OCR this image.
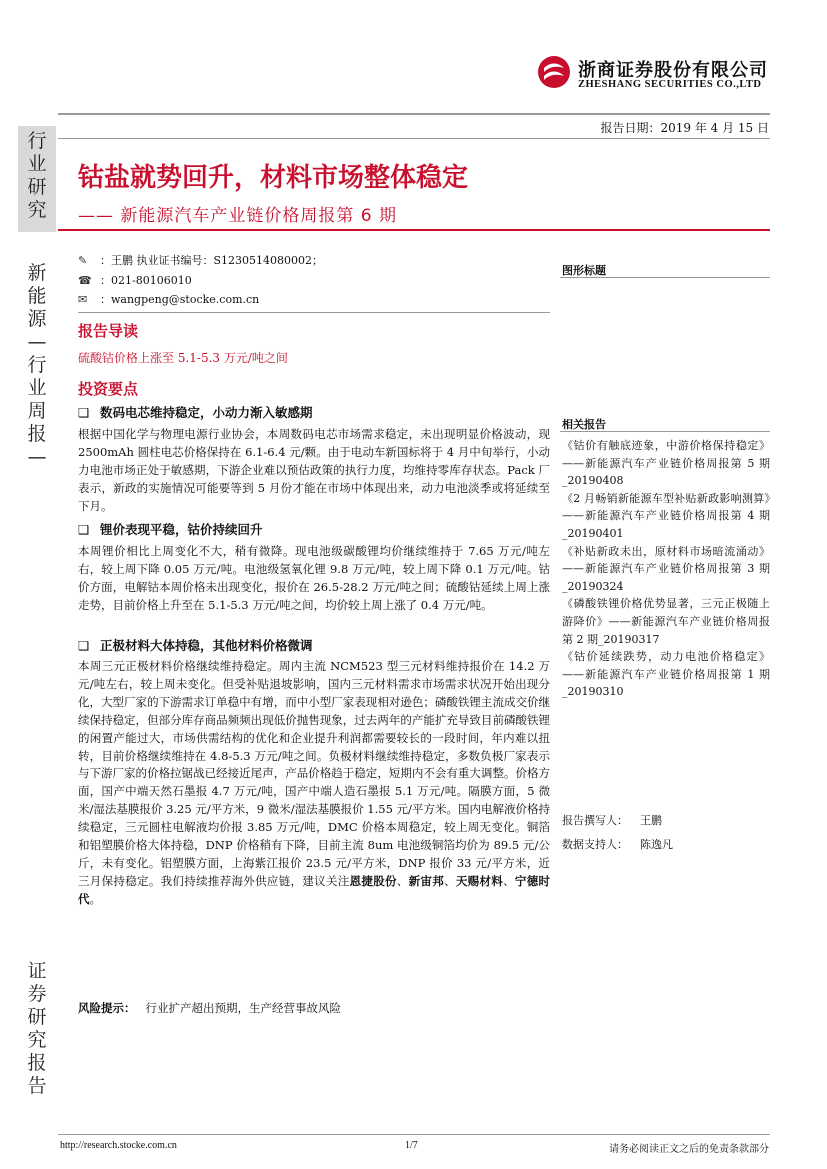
浙商证券股份有限公司
ZHESHANG SECURITIES CO.,LTD
报告日期：2019 年 4 月 15 日
行
业
研
究
新
能
源
—
行
业
周
报
—
证
券
研
究
报
告
钴盐就势回升，材料市场整体稳定
—— 新能源汽车产业链价格周报第 6 期
✎ ：王鹏 执业证书编号：S1230514080002；
☎ ：021-80106010
✉ ：wangpeng@stocke.com.cn
报告导读
硫酸钴价格上涨至 5.1-5.3 万元/吨之间
投资要点
❑ 数码电芯维持稳定，小动力渐入敏感期
根据中国化学与物理电源行业协会，本周数码电芯市场需求稳定，未出现明显价格波动，现 2500mAh 圆柱电芯价格保持在 6.1-6.4 元/颗。由于电动车新国标将于 4 月中旬举行，小动力电池市场正处于敏感期，下游企业难以预估政策的执行力度，均维持零库存状态。Pack 厂表示，新政的实施情况可能要等到 5 月份才能在市场中体现出来，动力电池淡季或将延续至下月。
❑ 锂价表现平稳，钴价持续回升
本周锂价相比上周变化不大，稍有微降。现电池级碳酸锂均价继续维持于 7.65 万元/吨左右，较上周下降 0.05 万元/吨。电池级氢氧化锂 9.8 万元/吨，较上周下降 0.1 万元/吨。钴价方面，电解钴本周价格未出现变化，报价在 26.5-28.2 万元/吨之间；硫酸钴延续上周上涨走势，目前价格上升至在 5.1-5.3 万元/吨之间，均价较上周上涨了 0.4 万元/吨。
❑ 正极材料大体持稳，其他材料价格微调
本周三元正极材料价格继续维持稳定。周内主流 NCM523 型三元材料维持报价在 14.2 万元/吨左右，较上周未变化。但受补贴退坡影响，国内三元材料需求市场需求状况开始出现分化，大型厂家的下游需求订单稳中有增，而中小型厂家表现相对逊色；磷酸铁锂主流成交价继续保持稳定，但部分库存商品频频出现低价抛售现象，过去两年的产能扩充导致目前磷酸铁锂的闲置产能过大，市场供需结构的优化和企业提升利润都需要较长的一段时间，年内难以扭转，目前价格继续维持在 4.8-5.3 万元/吨之间。负极材料继续维持稳定，多数负极厂家表示与下游厂家的价格拉锯战已经接近尾声，产品价格趋于稳定，短期内不会有重大调整。价格方面，国产中端天然石墨报 4.7 万元/吨，国产中端人造石墨报 5.1 万元/吨。隔膜方面，5 微米/湿法基膜报价 3.25 元/平方米，9 微米/湿法基膜报价 1.55 元/平方米。国内电解液价格持续稳定，三元圆柱电解液均价报 3.85 万元/吨，DMC 价格本周稳定，较上周无变化。铜箔和铝塑膜价格大体持稳，DNP 价格稍有下降，目前主流 8um 电池级铜箔均价为 89.5 元/公斤，未有变化。铝塑膜方面，上海紫江报价 23.5 元/平方米，DNP 报价 33 元/平方米，近三月保持稳定。我们持续推荐海外供应链，建议关注恩捷股份、新宙邦、天赐材料、宁德时代。
风险提示： 行业扩产超出预期，生产经营事故风险
图形标题
相关报告
《钴价有触底迹象，中游价格保持稳定》——新能源汽车产业链价格周报第 5 期_20190408
《2 月畅销新能源车型补贴新政影响测算》——新能源汽车产业链价格周报第 4 期_20190401
《补贴新政未出，原材料市场暗流涌动》——新能源汽车产业链价格周报第 3 期_20190324
《磷酸铁锂价格优势显著，三元正极随上游降价》——新能源汽车产业链价格周报第 2 期_20190317
《钴价延续跌势，动力电池价格稳定》——新能源汽车产业链价格周报第 1 期_20190310
报告撰写人： 王鹏
数据支持人： 陈逸凡
http://research.stocke.com.cn	1/7	请务必阅读正文之后的免责条款部分
